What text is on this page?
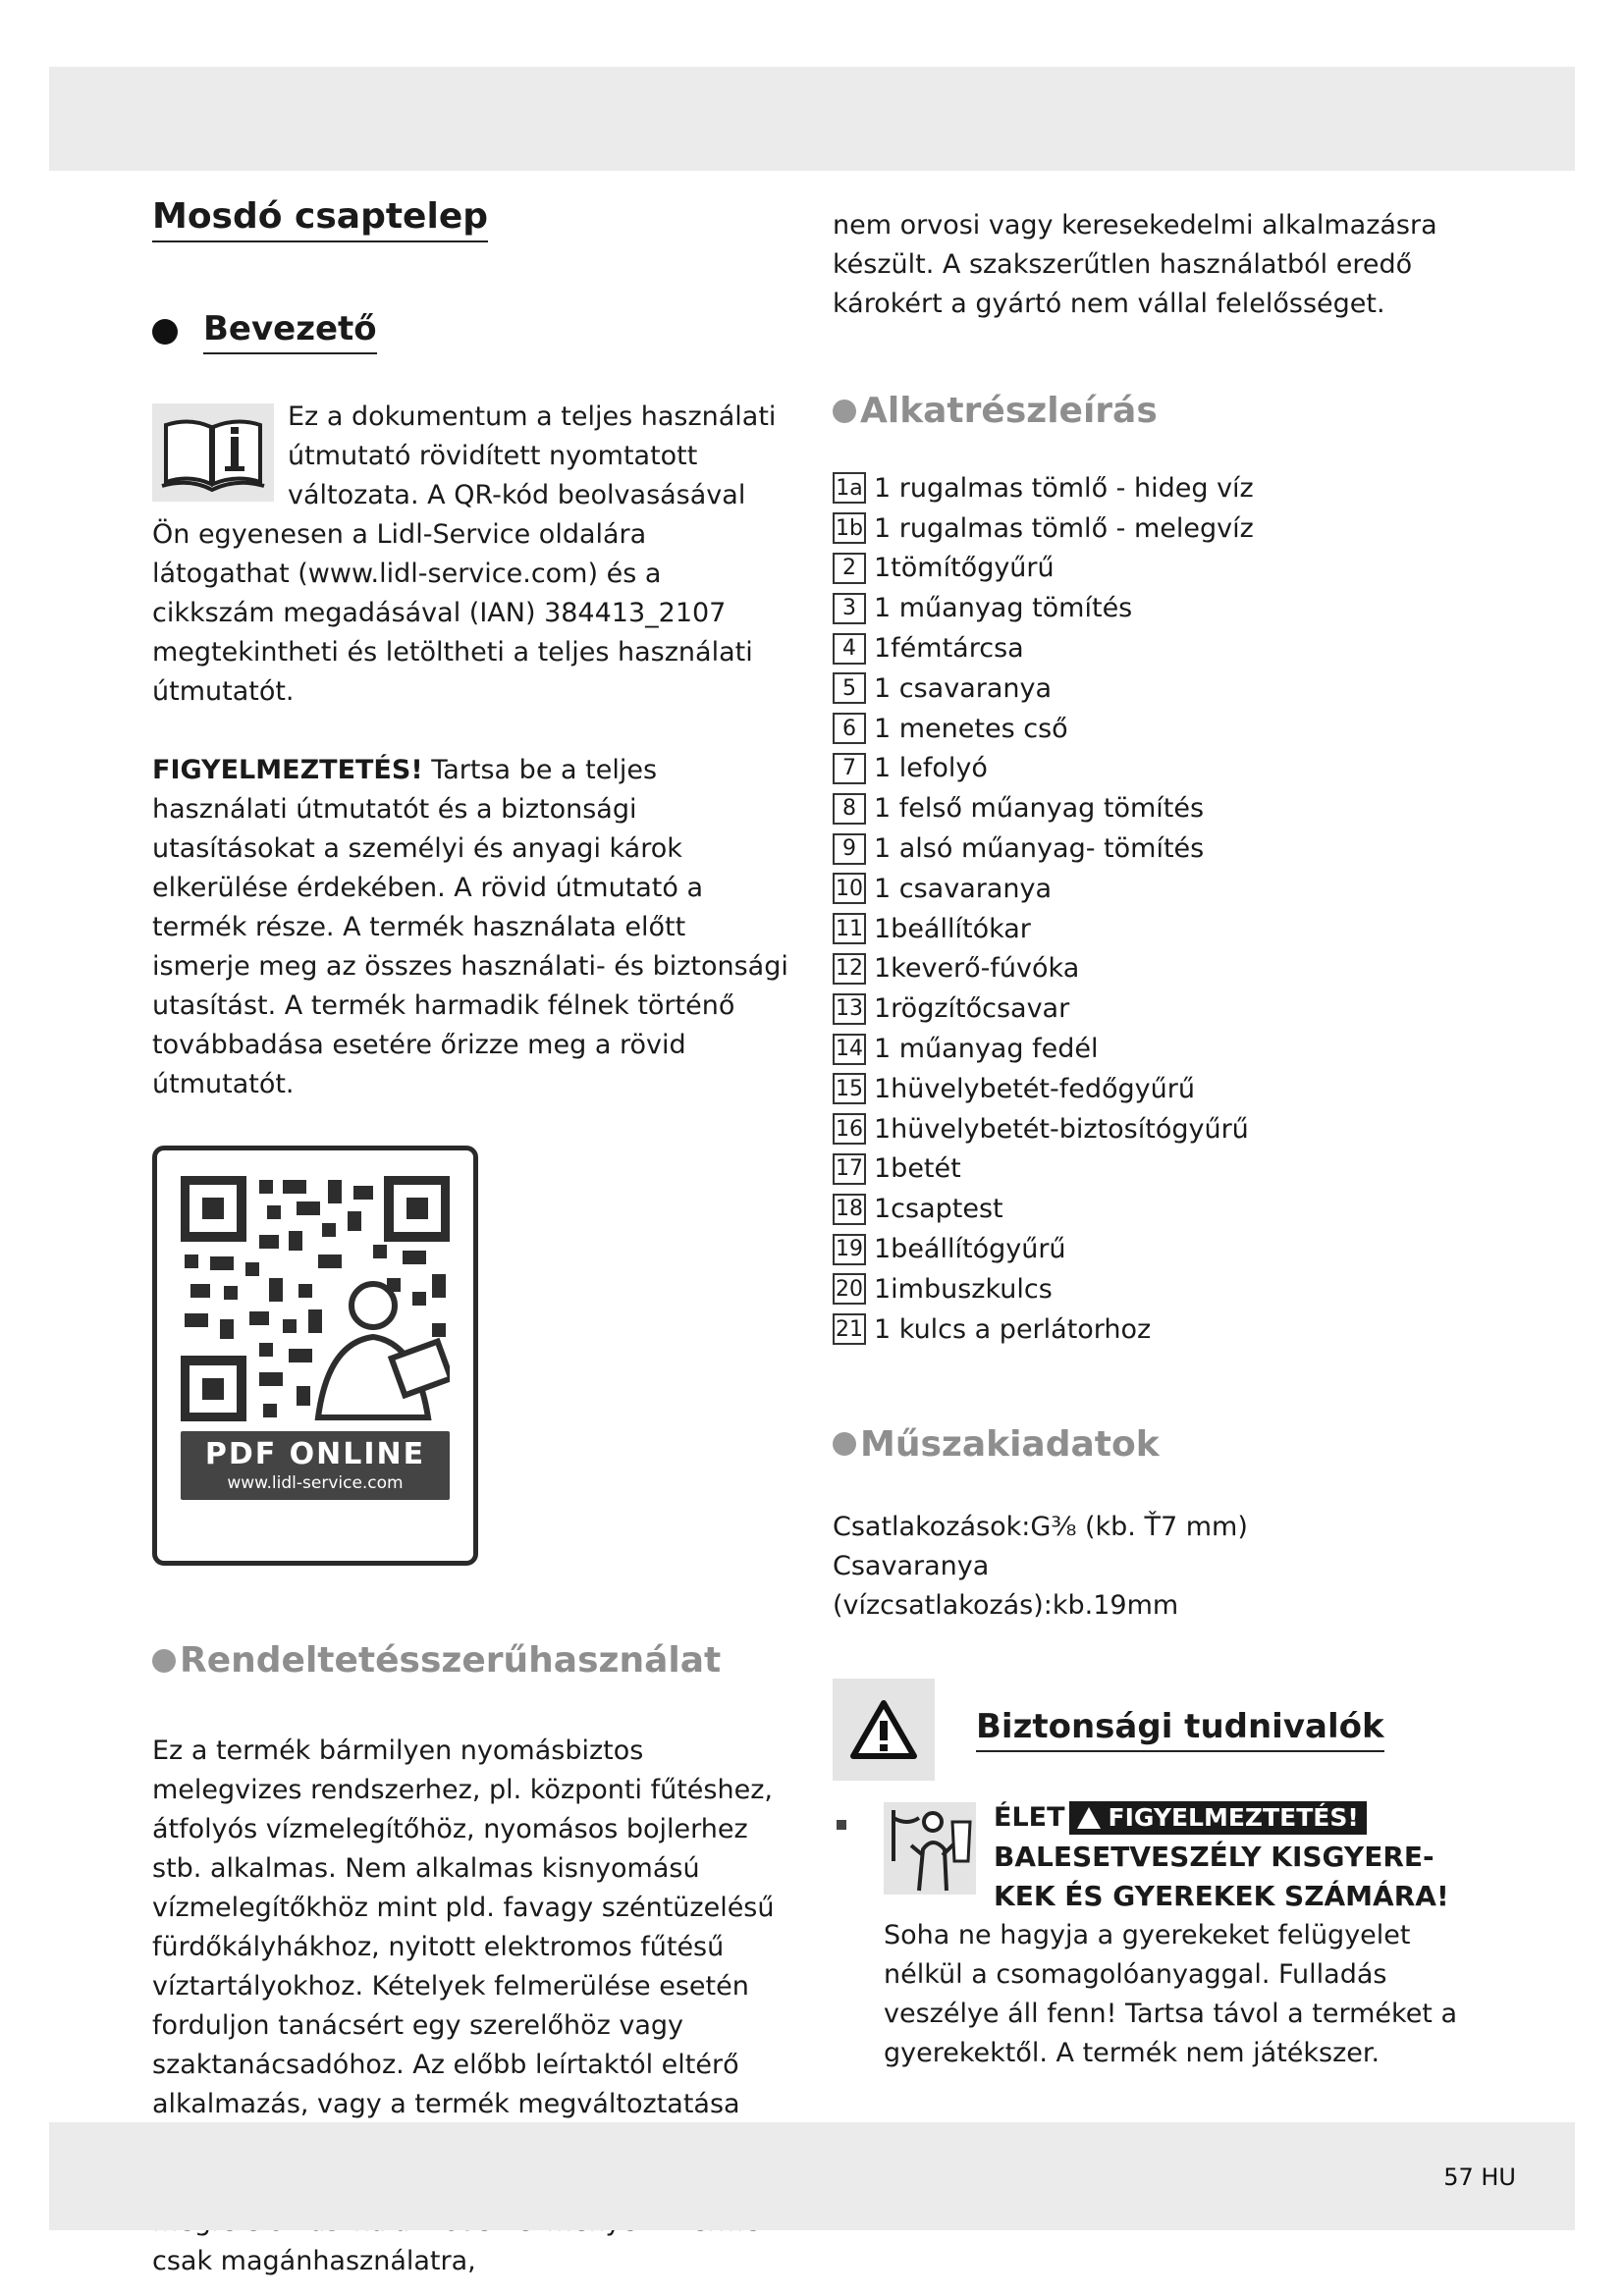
Mosdó csaptelep
Bevezető

Ez a dokumentum a teljes használati útmutató rövidített nyomtatott változata. A QR-kód beolvasásával Ön egyenesen a Lidl-Service oldalára látogathat (www.lidl-service.com) és a cikkszám megadásával (IAN) 384413_2107 megtekintheti és letöltheti a teljes használati útmutatót.

FIGYELMEZTETÉS! Tartsa be a teljes használati útmutatót és a biztonsági utasításokat a személyi és anyagi károk elkerülése érdekében. A rövid útmutató a termék része. A termék használata előtt ismerje meg az összes használati- és biztonsági utasítást. A termék harmadik félnek történő továbbadása esetére őrizze meg a rövid útmutatót.

PDF ONLINE
www.lidl-service.com
Rendeltetésszerűhasználat

Ez a termék bármilyen nyomásbiztos melegvizes rendszerhez, pl. központi fűtéshez, átfolyós vízmelegítőhöz, nyomásos bojlerhez stb. alkalmas. Nem alkalmas kisnyomású vízmelegítőkhöz mint pld. favagy széntüzelésű fürdőkályhákhoz, nyitott elektromos fűtésű víztartályokhoz. Kételyek felmerülése esetén forduljon tanácsért egy szerelőhöz vagy szaktanácsadóhoz. Az előbb leírtaktól eltérő alkalmazás, vagy a termék megváltoztatása csak magánhasználatra,

nem orvosi vagy keresekedelmi alkalmazásra készült. A szakszerűtlen használatból eredő károkért a gyártó nem vállal felelősséget.

Alkatrészleírás
1a 1 rugalmas tömlő - hideg víz
1b 1 rugalmas tömlő - melegvíz
2 1tömítőgyűrű
3 1 műanyag tömítés
4 1fémtárcsa
5 1 csavaranya
6 1 menetes cső
7 1 lefolyó
8 1 felső műanyag tömítés
9 1 alsó műanyag- tömítés
10 1 csavaranya
11 1beállítókar
12 1keverő-fúvóka
13 1rögzítőcsavar
14 1 műanyag fedél
15 1hüvelybetét-fedőgyűrű
16 1hüvelybetét-biztosítógyűrű
17 1betét
18 1csaptest
19 1beállítógyűrű
20 1imbuszkulcs
21 1 kulcs a perlátorhoz
Műszakiadatok

Csatlakozások:G⅜ (kb. Ť7 mm)

Csavaranya

(vízcsatlakozás):kb.19mm

Biztonsági tudnivalók
ÉLET FIGYELMEZTETÉS!
BALESETVESZÉLY KISGYERE-
KEK ÉS GYEREKEK SZÁMÁRA!

Soha ne hagyja a gyerekeket felügyelet nélkül a csomagolóanyaggal. Fulladás veszélye áll fenn! Tartsa távol a terméket a gyerekektől. A termék nem játékszer.

57 HU
